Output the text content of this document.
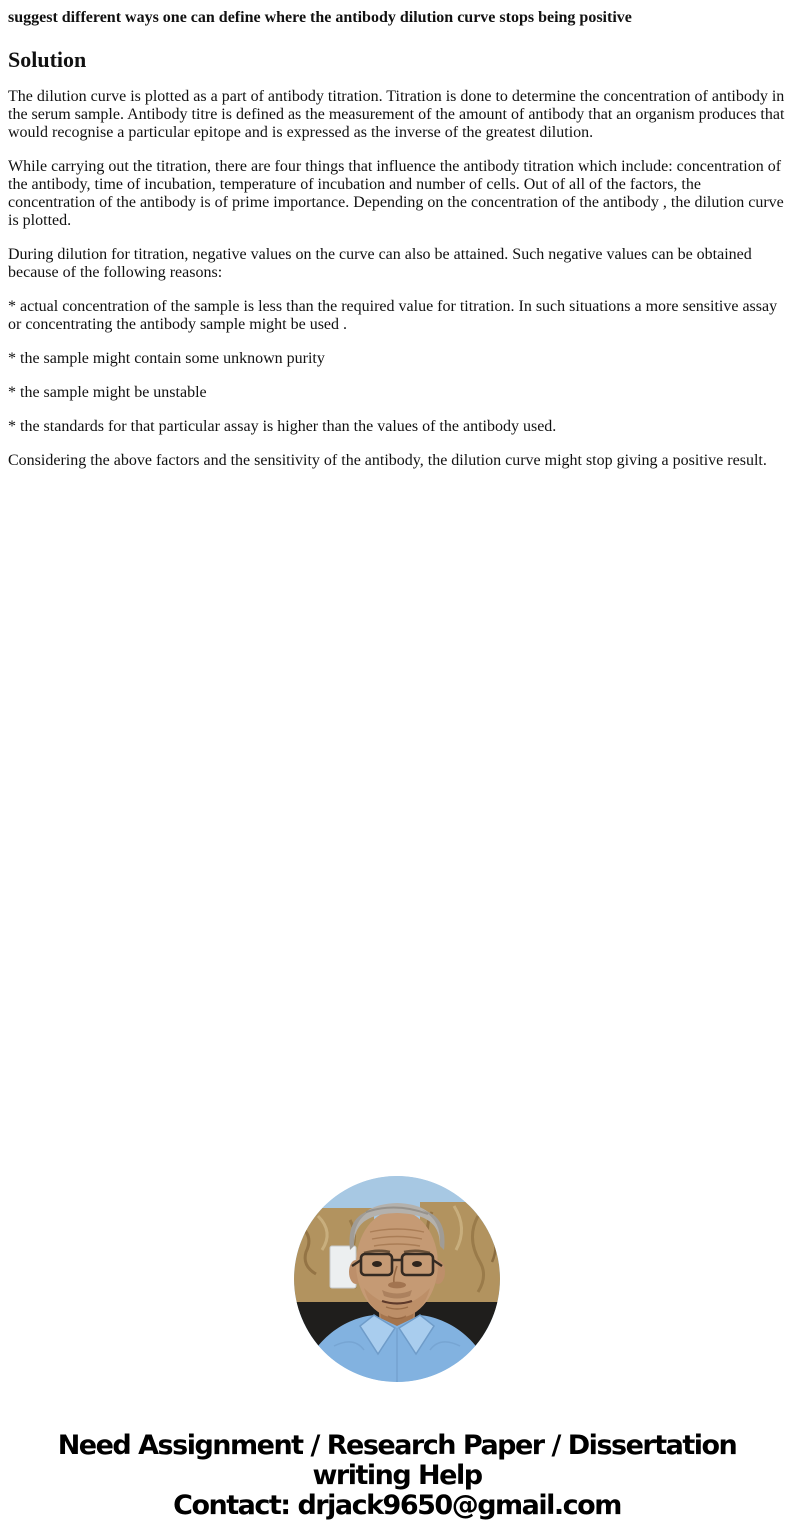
suggest different ways one can define where the antibody dilution curve stops being positive

Solution

The dilution curve is plotted as a part of antibody titration. Titration is done to determine the concentration of antibody in the serum sample. Antibody titre is defined as the measurement of the amount of antibody that an organism produces that would recognise a particular epitope and is expressed as the inverse of the greatest dilution.

While carrying out the titration, there are four things that influence the antibody titration which include: concentration of the antibody, time of incubation, temperature of incubation and number of cells. Out of all of the factors, the concentration of the antibody is of prime importance. Depending on the concentration of the antibody , the dilution curve is plotted.

During dilution for titration, negative values on the curve can also be attained. Such negative values can be obtained because of the following reasons:

* actual concentration of the sample is less than the required value for titration. In such situations a more sensitive assay or concentrating the antibody sample might be used .

* the sample might contain some unknown purity

* the sample might be unstable

* the standards for that particular assay is higher than the values of the antibody used.

Considering the above factors and the sensitivity of the antibody, the dilution curve might stop giving a positive result.

Need Assignment / Research Paper / Dissertation
writing Help
Contact: drjack9650@gmail.com
